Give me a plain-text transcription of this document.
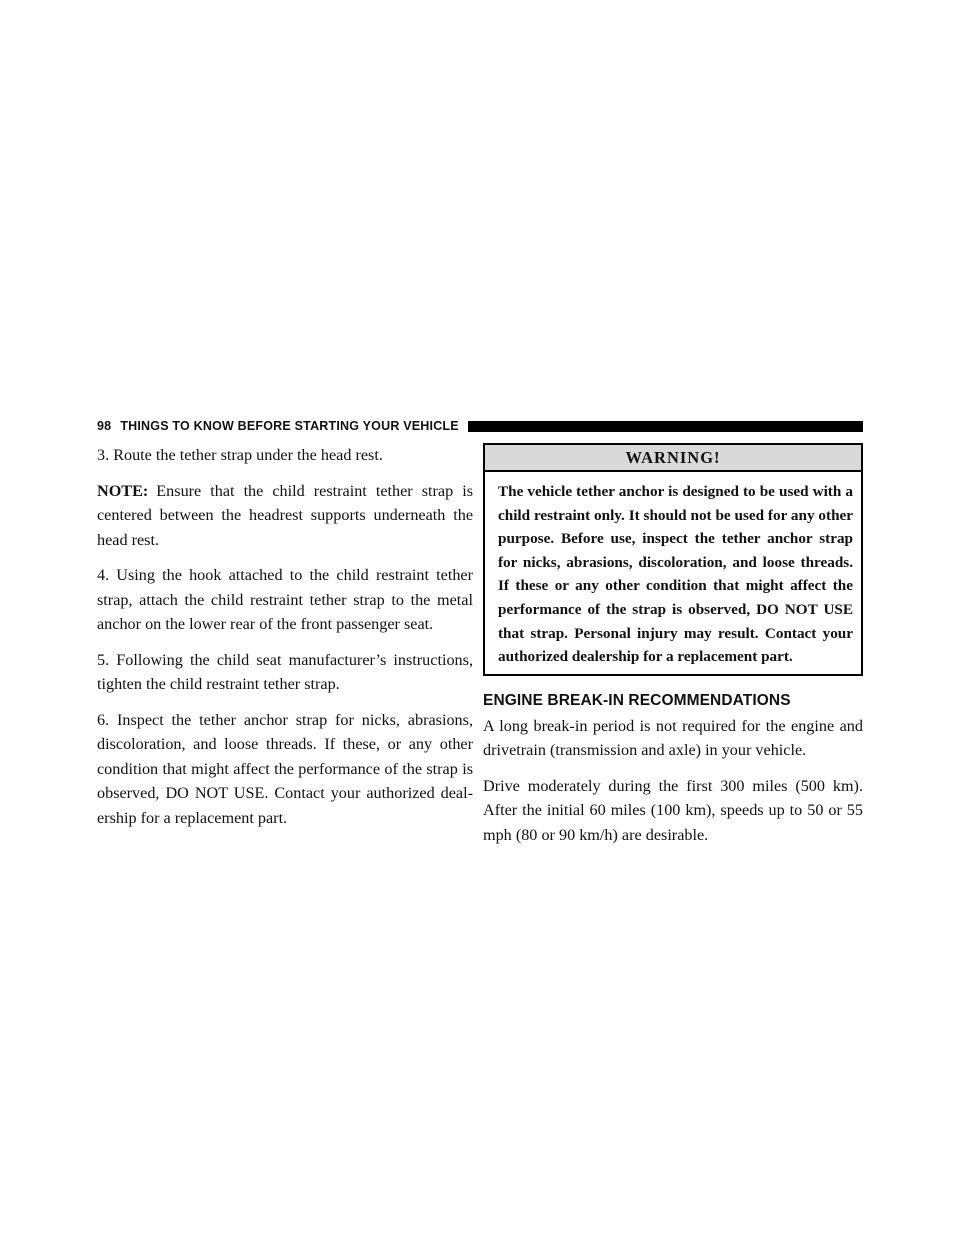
98 THINGS TO KNOW BEFORE STARTING YOUR VEHICLE

3. Route the tether strap under the head rest.

NOTE: Ensure that the child restraint tether strap is centered between the headrest supports underneath the head rest.

4. Using the hook attached to the child restraint tether strap, attach the child restraint tether strap to the metal anchor on the lower rear of the front passenger seat.

5. Following the child seat manufacturer’s instructions, tighten the child restraint tether strap.

6. Inspect the tether anchor strap for nicks, abrasions, discoloration, and loose threads. If these, or any other condition that might affect the performance of the strap is observed, DO NOT USE. Contact your authorized deal-ership for a replacement part.

WARNING!

The vehicle tether anchor is designed to be used with a child restraint only. It should not be used for any other purpose. Before use, inspect the tether anchor strap for nicks, abrasions, discoloration, and loose threads. If these or any other condition that might affect the performance of the strap is observed, DO NOT USE that strap. Personal injury may result. Contact your authorized dealership for a replacement part.

ENGINE BREAK-IN RECOMMENDATIONS

A long break-in period is not required for the engine and drivetrain (transmission and axle) in your vehicle.

Drive moderately during the first 300 miles (500 km). After the initial 60 miles (100 km), speeds up to 50 or 55 mph (80 or 90 km/h) are desirable.
